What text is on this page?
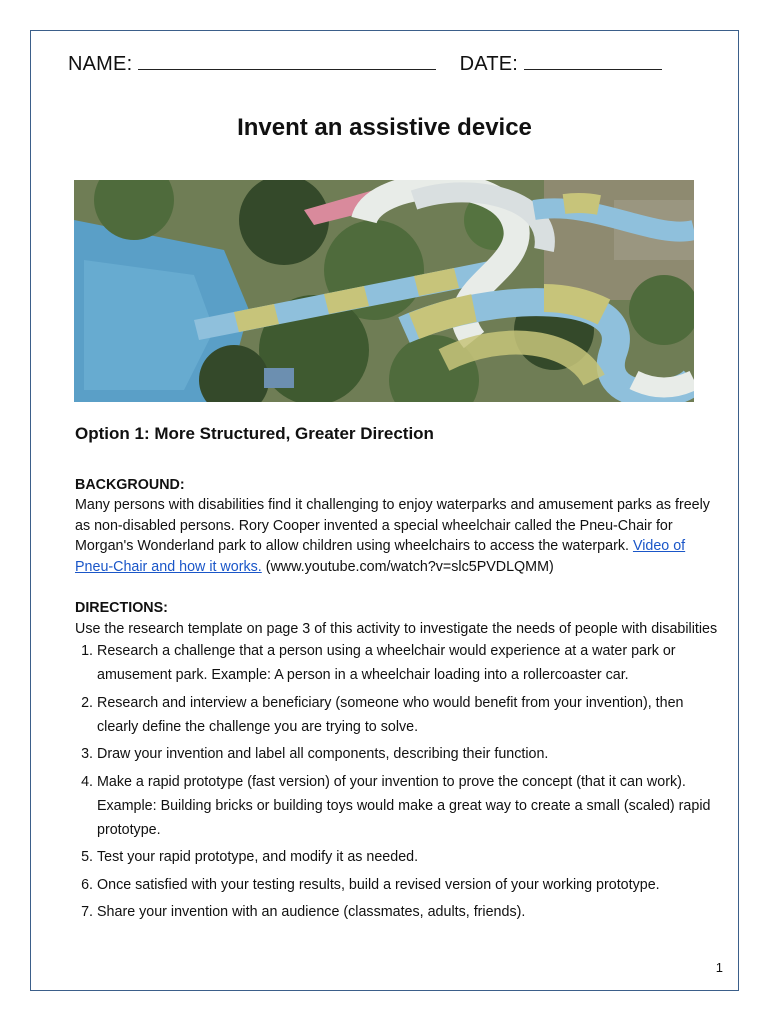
NAME:	DATE:
Invent an assistive device

Option 1: More Structured, Greater Direction

BACKGROUND:

Many persons with disabilities find it challenging to enjoy waterparks and amusement parks as freely as non-disabled persons. Rory Cooper invented a special wheelchair called the Pneu-Chair for Morgan's Wonderland park to allow children using wheelchairs to access the waterpark. Video of Pneu-Chair and how it works. (www.youtube.com/watch?v=slc5PVDLQMM)

DIRECTIONS:

Use the research template on page 3 of this activity to investigate the needs of people with disabilities

1. Research a challenge that a person using a wheelchair would experience at a water park or amusement park. Example: A person in a wheelchair loading into a rollercoaster car.
2. Research and interview a beneficiary (someone who would benefit from your invention), then clearly define the challenge you are trying to solve.
3. Draw your invention and label all components, describing their function.
4. Make a rapid prototype (fast version) of your invention to prove the concept (that it can work). Example: Building bricks or building toys would make a great way to create a small (scaled) rapid prototype.
5. Test your rapid prototype, and modify it as needed.
6. Once satisfied with your testing results, build a revised version of your working prototype.
7. Share your invention with an audience (classmates, adults, friends).
1
